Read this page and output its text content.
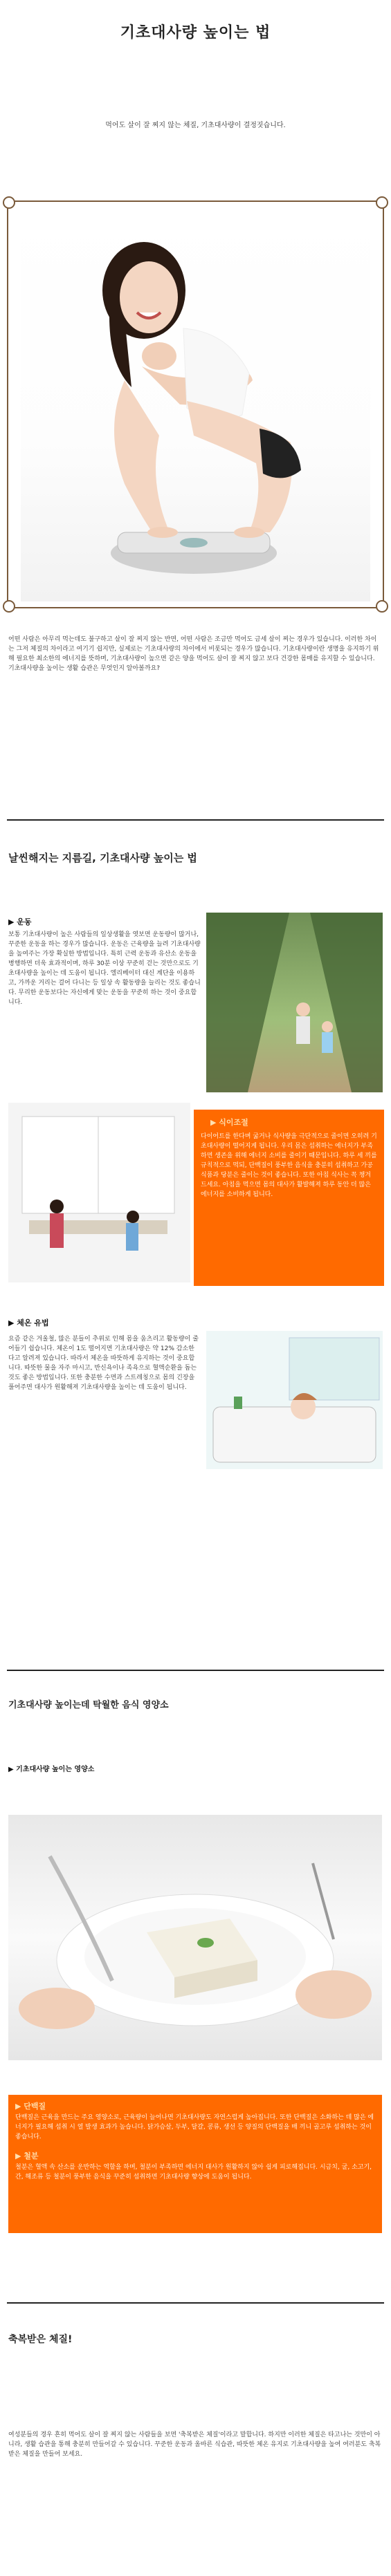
기초대사량 높이는 법
먹어도 살이 잘 찌지 않는 체질, 기초대사량이 결정짓습니다.
어떤 사람은 아무리 먹는데도 불구하고 살이 잘 찌지 않는 반면, 어떤 사람은 조금만 먹어도 금세 살이 찌는 경우가 있습니다. 이러한 차이는 그저 체질의 차이라고 여기기 쉽지만, 실제로는 기초대사량의 차이에서 비롯되는 경우가 많습니다. 기초대사량이란 생명을 유지하기 위해 필요한 최소한의 에너지를 뜻하며, 기초대사량이 높으면 같은 양을 먹어도 살이 잘 찌지 않고 보다 건강한 몸매를 유지할 수 있습니다. 기초대사량을 높이는 생활 습관은 무엇인지 알아볼까요?
날씬해지는 지름길, 기초대사량 높이는 법
▶ 운동
보통 기초대사량이 높은 사람들의 일상생활을 엿보면 운동량이 많거나, 꾸준한 운동을 하는 경우가 많습니다. 운동은 근육량을 늘려 기초대사량을 높여주는 가장 확실한 방법입니다. 특히 근력 운동과 유산소 운동을 병행하면 더욱 효과적이며, 하루 30분 이상 꾸준히 걷는 것만으로도 기초대사량을 높이는 데 도움이 됩니다. 엘리베이터 대신 계단을 이용하고, 가까운 거리는 걸어 다니는 등 일상 속 활동량을 늘리는 것도 좋습니다. 무리한 운동보다는 자신에게 맞는 운동을 꾸준히 하는 것이 중요합니다.
▶ 식이조절
다이어트를 한다며 굶거나 식사량을 극단적으로 줄이면 오히려 기초대사량이 떨어지게 됩니다. 우리 몸은 섭취하는 에너지가 부족하면 생존을 위해 에너지 소비를 줄이기 때문입니다. 하루 세 끼를 규칙적으로 먹되, 단백질이 풍부한 음식을 충분히 섭취하고 가공식품과 당분은 줄이는 것이 좋습니다. 또한 아침 식사는 꼭 챙겨 드세요. 아침을 먹으면 몸의 대사가 활발해져 하루 동안 더 많은 에너지를 소비하게 됩니다.
▶ 체온 유법
요즘 같은 겨울철, 많은 분들이 추위로 인해 몸을 움츠리고 활동량이 줄어들기 쉽습니다. 체온이 1도 떨어지면 기초대사량은 약 12% 감소한다고 알려져 있습니다. 따라서 체온을 따뜻하게 유지하는 것이 중요합니다. 따뜻한 물을 자주 마시고, 반신욕이나 족욕으로 혈액순환을 돕는 것도 좋은 방법입니다. 또한 충분한 수면과 스트레칭으로 몸의 긴장을 풀어주면 대사가 원활해져 기초대사량을 높이는 데 도움이 됩니다.
기초대사량 높이는데 탁월한 음식 영양소
▶ 기초대사량 높이는 영양소
▶ 단백질
단백질은 근육을 만드는 주요 영양소로, 근육량이 늘어나면 기초대사량도 자연스럽게 높아집니다. 또한 단백질은 소화하는 데 많은 에너지가 필요해 섭취 시 열 발생 효과가 높습니다. 닭가슴살, 두부, 달걀, 콩류, 생선 등 양질의 단백질을 매 끼니 골고루 섭취하는 것이 좋습니다.
▶ 철분
철분은 혈액 속 산소를 운반하는 역할을 하며, 철분이 부족하면 에너지 대사가 원활하지 않아 쉽게 피로해집니다. 시금치, 굴, 소고기, 간, 해조류 등 철분이 풍부한 음식을 꾸준히 섭취하면 기초대사량 향상에 도움이 됩니다.
축복받은 체질!
여성분들의 경우 흔히 먹어도 살이 잘 찌지 않는 사람들을 보면 '축복받은 체질'이라고 말합니다. 하지만 이러한 체질은 타고나는 것만이 아니라, 생활 습관을 통해 충분히 만들어갈 수 있습니다. 꾸준한 운동과 올바른 식습관, 따뜻한 체온 유지로 기초대사량을 높여 여러분도 축복받은 체질을 만들어 보세요.
